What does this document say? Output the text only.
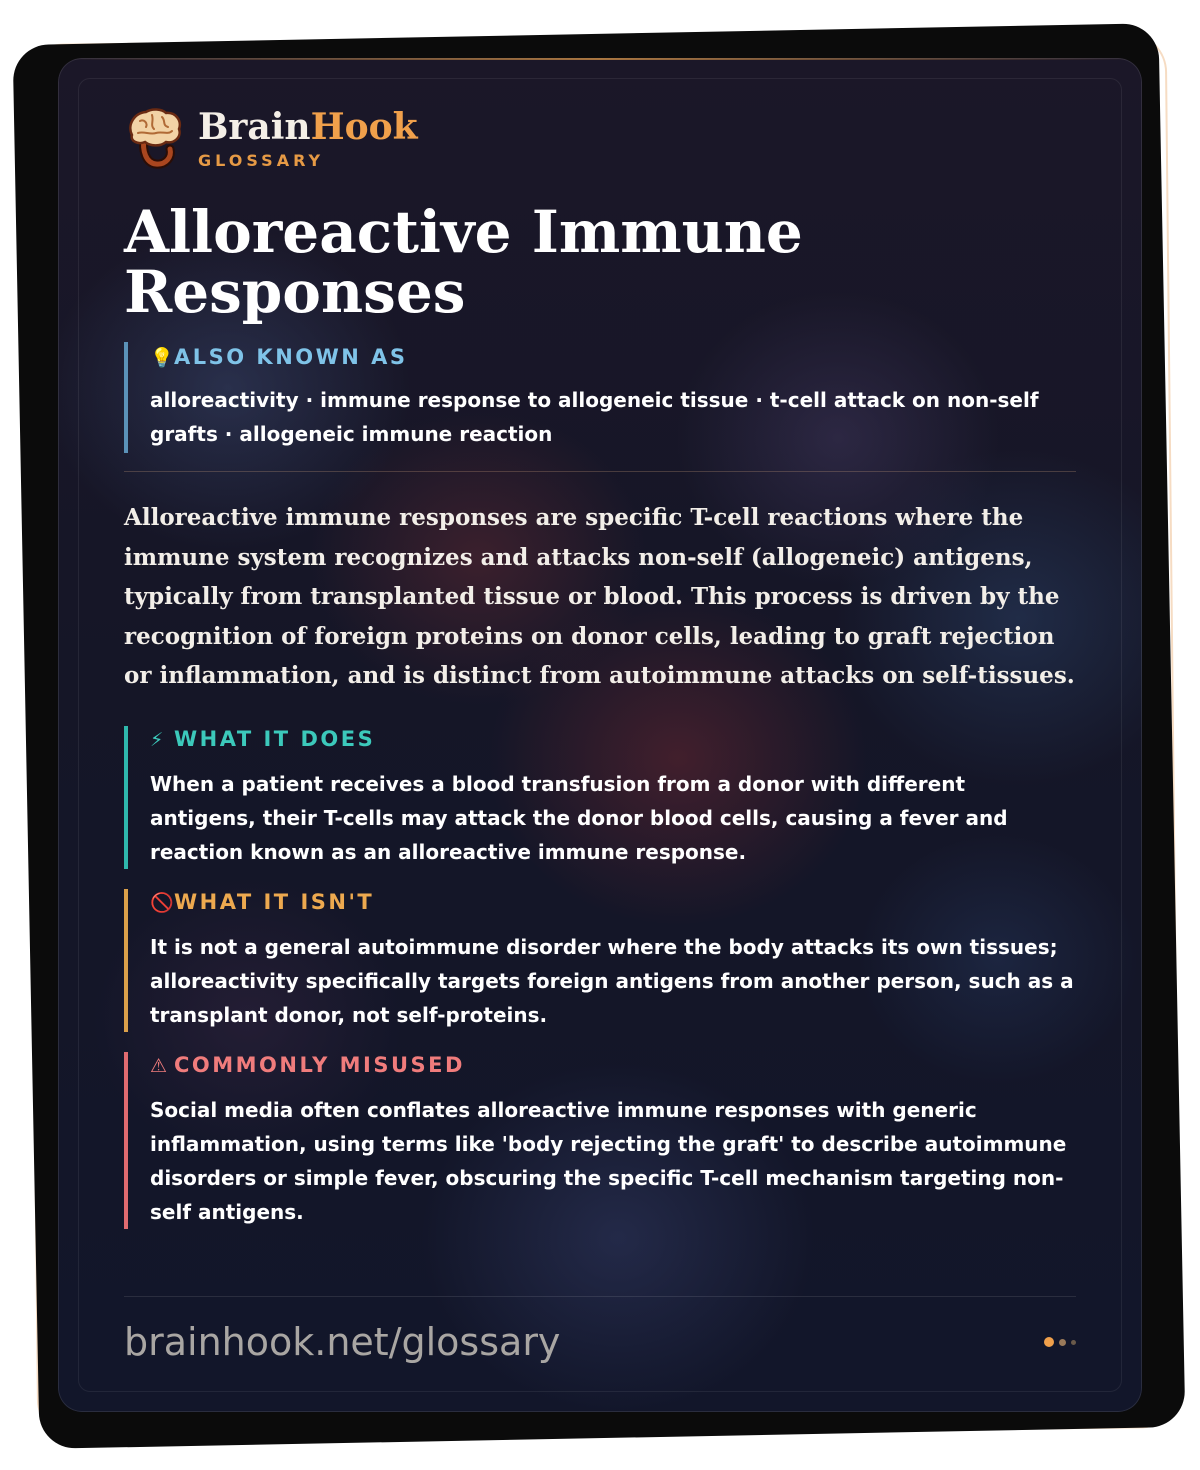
BrainHook
GLOSSARY
Alloreactive Immune Responses
💡ALSO KNOWN AS
alloreactivity · immune response to allogeneic tissue · t-cell attack on non-self grafts · allogeneic immune reaction
Alloreactive immune responses are specific T-cell reactions where the immune system recognizes and attacks non-self (allogeneic) antigens, typically from transplanted tissue or blood. This process is driven by the recognition of foreign proteins on donor cells, leading to graft rejection or inflammation, and is distinct from autoimmune attacks on self-tissues.
⚡ WHAT IT DOES
When a patient receives a blood transfusion from a donor with different antigens, their T-cells may attack the donor blood cells, causing a fever and reaction known as an alloreactive immune response.
🚫WHAT IT ISN'T
It is not a general autoimmune disorder where the body attacks its own tissues; alloreactivity specifically targets foreign antigens from another person, such as a transplant donor, not self-proteins.
⚠ COMMONLY MISUSED
Social media often conflates alloreactive immune responses with generic inflammation, using terms like 'body rejecting the graft' to describe autoimmune disorders or simple fever, obscuring the specific T-cell mechanism targeting non-self antigens.
brainhook.net/glossary
